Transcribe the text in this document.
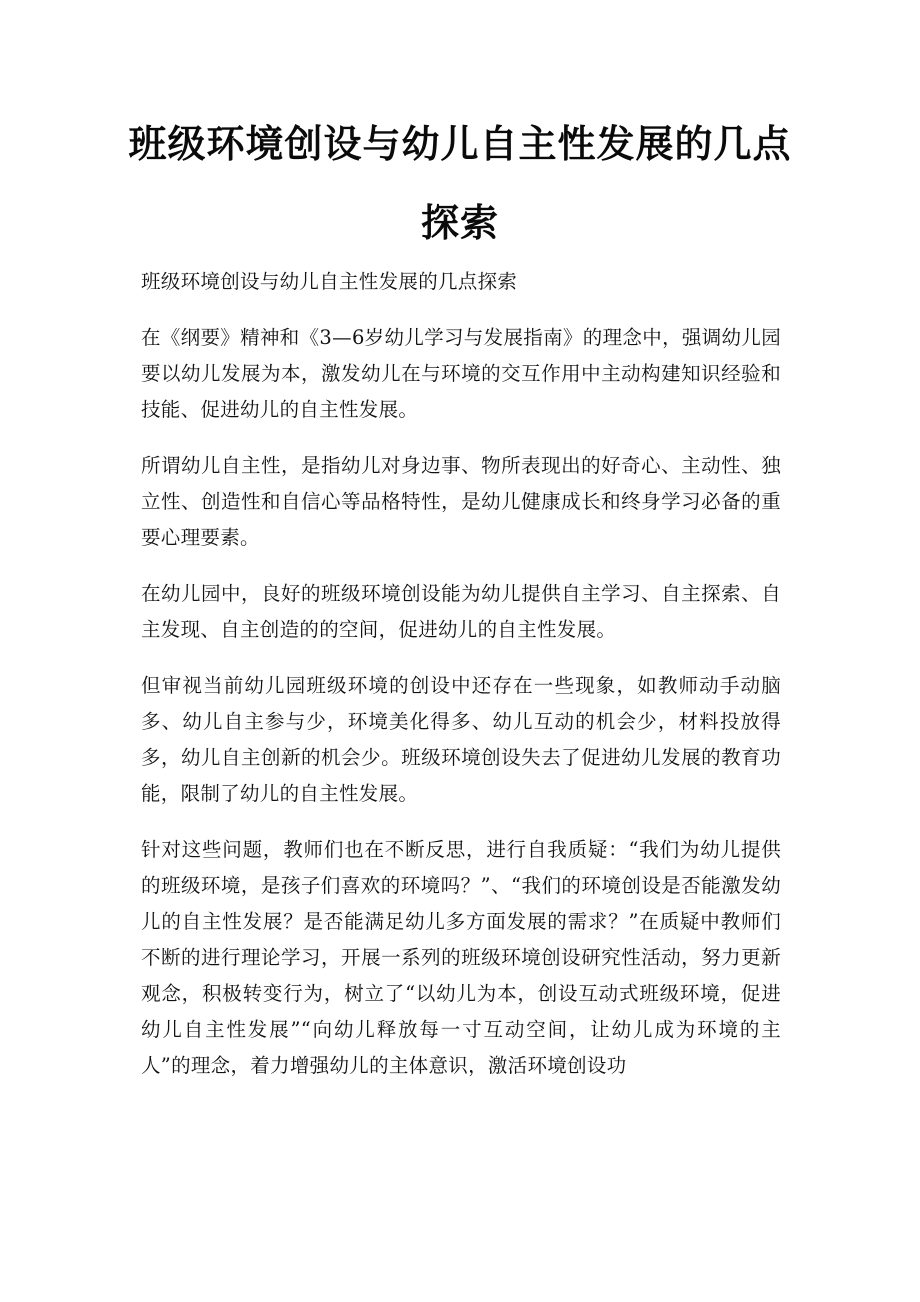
班级环境创设与幼儿自主性发展的几点探索

班级环境创设与幼儿自主性发展的几点探索

在《纲要》精神和《3—6岁幼儿学习与发展指南》的理念中，强调幼儿园要以幼儿发展为本，激发幼儿在与环境的交互作用中主动构建知识经验和技能、促进幼儿的自主性发展。

所谓幼儿自主性，是指幼儿对身边事、物所表现出的好奇心、主动性、独立性、创造性和自信心等品格特性，是幼儿健康成长和终身学习必备的重要心理要素。

在幼儿园中，良好的班级环境创设能为幼儿提供自主学习、自主探索、自主发现、自主创造的的空间，促进幼儿的自主性发展。

但审视当前幼儿园班级环境的创设中还存在一些现象，如教师动手动脑多、幼儿自主参与少，环境美化得多、幼儿互动的机会少，材料投放得多，幼儿自主创新的机会少。班级环境创设失去了促进幼儿发展的教育功能，限制了幼儿的自主性发展。

针对这些问题，教师们也在不断反思，进行自我质疑：“我们为幼儿提供的班级环境，是孩子们喜欢的环境吗？”、“我们的环境创设是否能激发幼儿的自主性发展？是否能满足幼儿多方面发展的需求？”在质疑中教师们不断的进行理论学习，开展一系列的班级环境创设研究性活动，努力更新观念，积极转变行为，树立了“以幼儿为本，创设互动式班级环境，促进幼儿自主性发展”“向幼儿释放每一寸互动空间，让幼儿成为环境的主人”的理念，着力增强幼儿的主体意识，激活环境创设功
